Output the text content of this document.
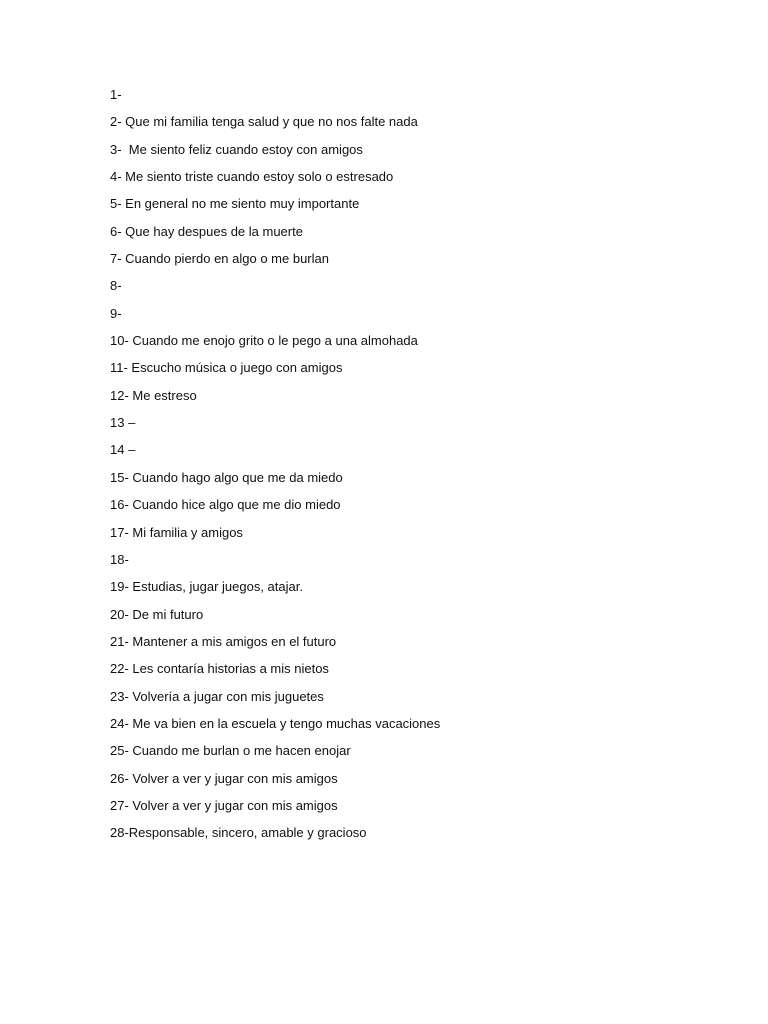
1-
2- Que mi familia tenga salud y que no nos falte nada
3-  Me siento feliz cuando estoy con amigos
4- Me siento triste cuando estoy solo o estresado
5- En general no me siento muy importante
6- Que hay despues de la muerte
7- Cuando pierdo en algo o me burlan
8-
9-
10- Cuando me enojo grito o le pego a una almohada
11- Escucho música o juego con amigos
12- Me estreso
13 –
14 –
15- Cuando hago algo que me da miedo
16- Cuando hice algo que me dio miedo
17- Mi familia y amigos
18-
19- Estudias, jugar juegos, atajar.
20- De mi futuro
21- Mantener a mis amigos en el futuro
22- Les contaría historias a mis nietos
23- Volvería a jugar con mis juguetes
24- Me va bien en la escuela y tengo muchas vacaciones
25- Cuando me burlan o me hacen enojar
26- Volver a ver y jugar con mis amigos
27- Volver a ver y jugar con mis amigos
28-Responsable, sincero, amable y gracioso
